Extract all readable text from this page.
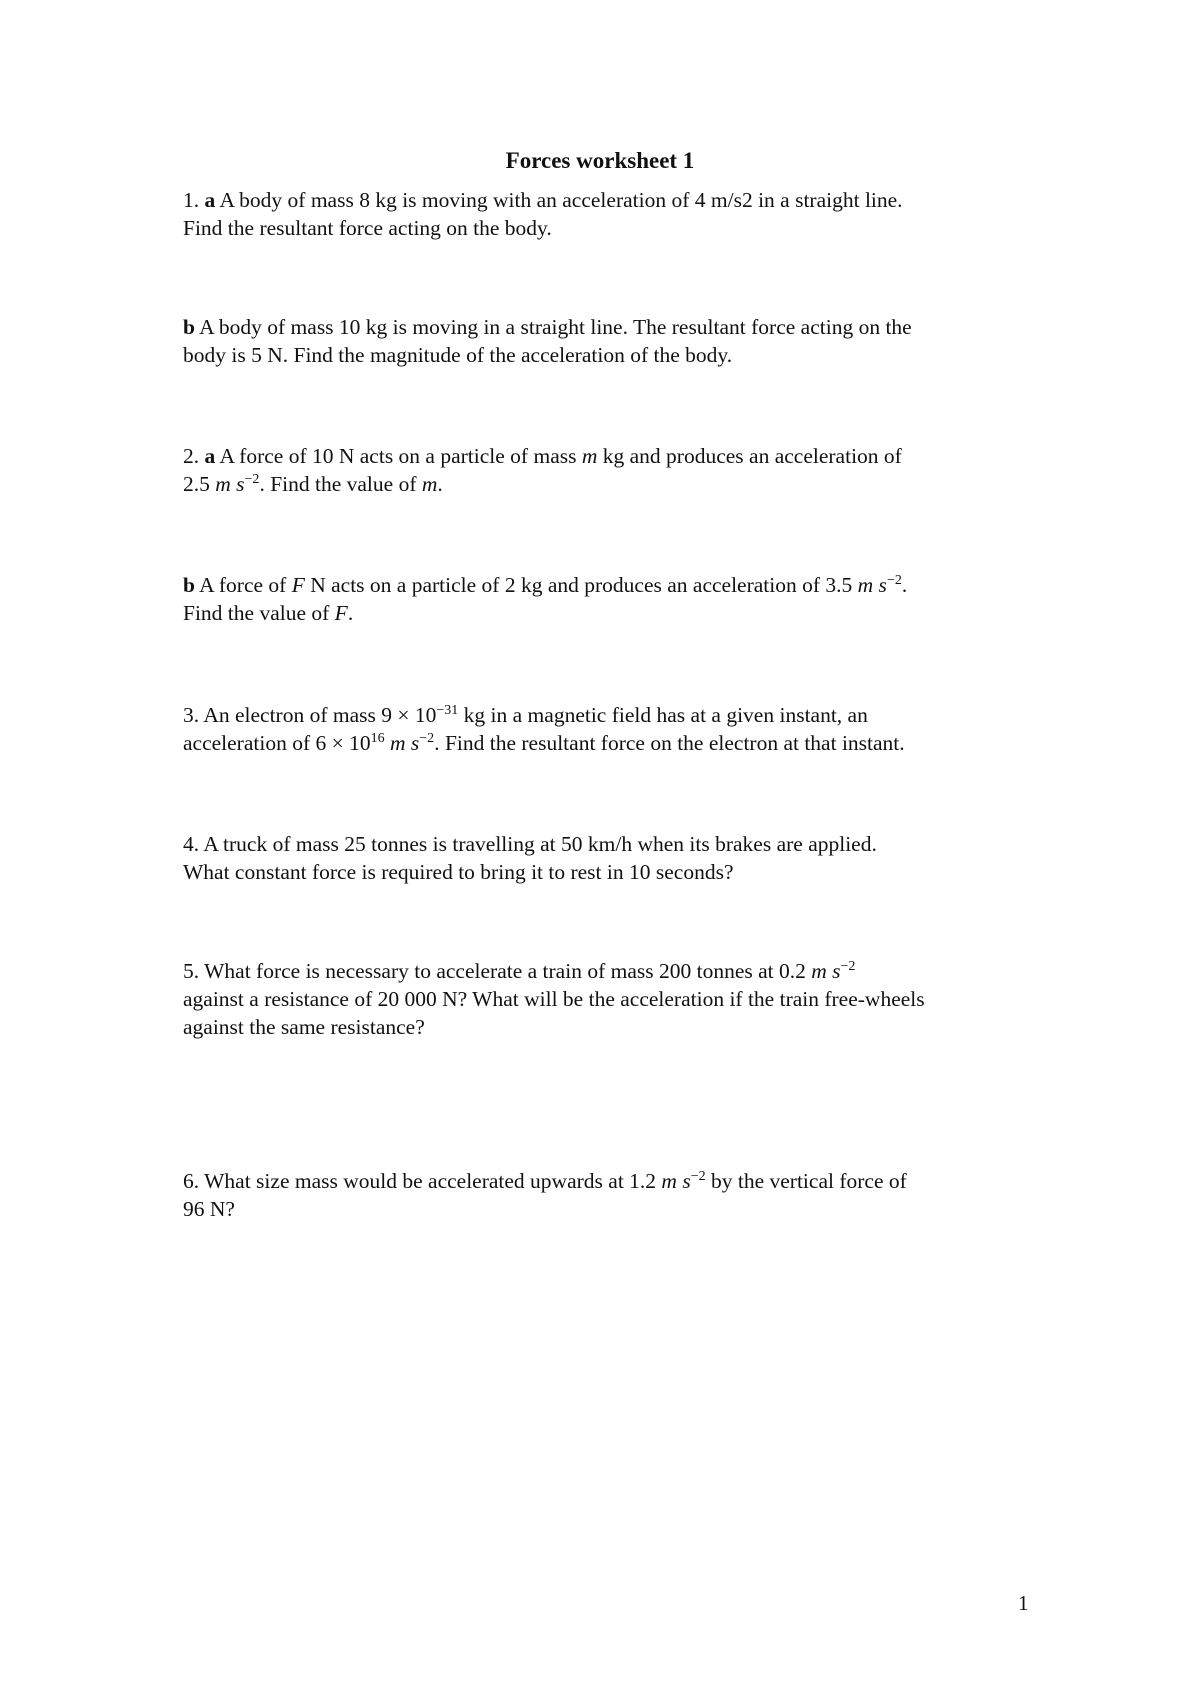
Forces worksheet 1
1. a A body of mass 8 kg is moving with an acceleration of 4 m/s2 in a straight line.
Find the resultant force acting on the body.
b A body of mass 10 kg is moving in a straight line. The resultant force acting on the
body is 5 N. Find the magnitude of the acceleration of the body.
2. a A force of 10 N acts on a particle of mass m kg and produces an acceleration of
2.5 m $s^{-2}$. Find the value of m.
b A force of F N acts on a particle of 2 kg and produces an acceleration of 3.5 m $s^{-2}$.
Find the value of F.
3. An electron of mass $9 \times 10^{-31}$ kg in a magnetic field has at a given instant, an
acceleration of $6 \times 10^{16}$ m $s^{-2}$. Find the resultant force on the electron at that instant.
4. A truck of mass 25 tonnes is travelling at 50 km/h when its brakes are applied.
What constant force is required to bring it to rest in 10 seconds?
5. What force is necessary to accelerate a train of mass 200 tonnes at 0.2 m $s^{-2}$
against a resistance of 20 000 N? What will be the acceleration if the train free-wheels
against the same resistance?
6. What size mass would be accelerated upwards at 1.2 m $s^{-2}$ by the vertical force of
96 N?
1
